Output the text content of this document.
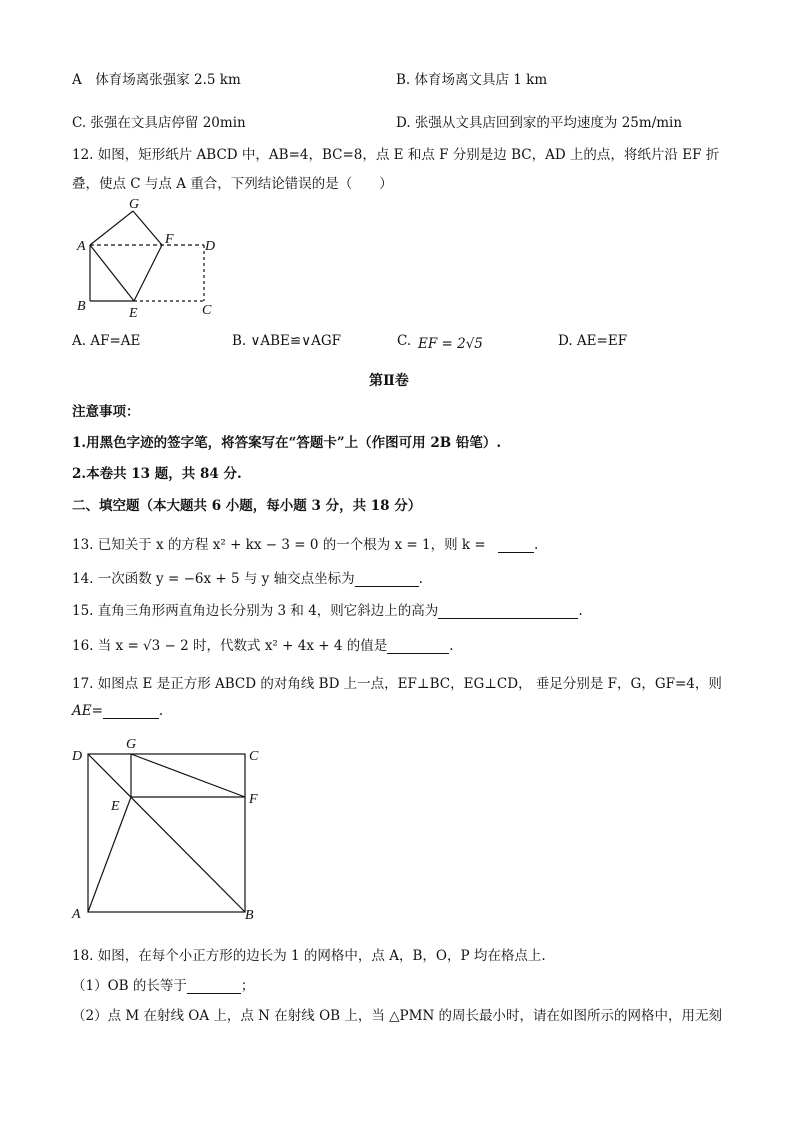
A　体育场离张强家 2.5 km	B. 体育场离文具店 1 km
C. 张强在文具店停留 20min	D. 张强从文具店回到家的平均速度为 25m/min
12. 如图，矩形纸片 ABCD 中，AB=4，BC=8，点 E 和点 F 分别是边 BC，AD 上的点，将纸片沿 EF 折
叠，使点 C 与点 A 重合，下列结论错误的是（　　）
G
A	F D
B	E	C
A. AF=AE	B. ∨ABE≌∨AGF	C. EF = 2√5	D. AE=EF
第Ⅱ卷
注意事项：
1.用黑色字迹的签字笔，将答案写在“答题卡”上（作图可用 2B 铅笔）.
2.本卷共 13 题，共 84 分.
二、填空题（本大题共 6 小题，每小题 3 分，共 18 分）
13. 已知关于 x 的方程 x² + kx − 3 = 0 的一个根为 x = 1，则 k =	.
14. 一次函数 y = −6x + 5 与 y 轴交点坐标为	.
15. 直角三角形两直角边长分别为 3 和 4，则它斜边上的高为	.
16. 当 x = √3 − 2 时，代数式 x² + 4x + 4 的值是	.
17. 如图点 E 是正方形 ABCD 的对角线 BD 上一点，EF⊥BC，EG⊥CD， 垂足分别是 F，G，GF=4，则
AE=	.
D
G
C
E	F
A	B
18. 如图，在每个小正方形的边长为 1 的网格中，点 A，B，O，P 均在格点上.
（1）OB 的长等于	；
（2）点 M 在射线 OA 上，点 N 在射线 OB 上，当 △PMN 的周长最小时，请在如图所示的网格中，用无刻
